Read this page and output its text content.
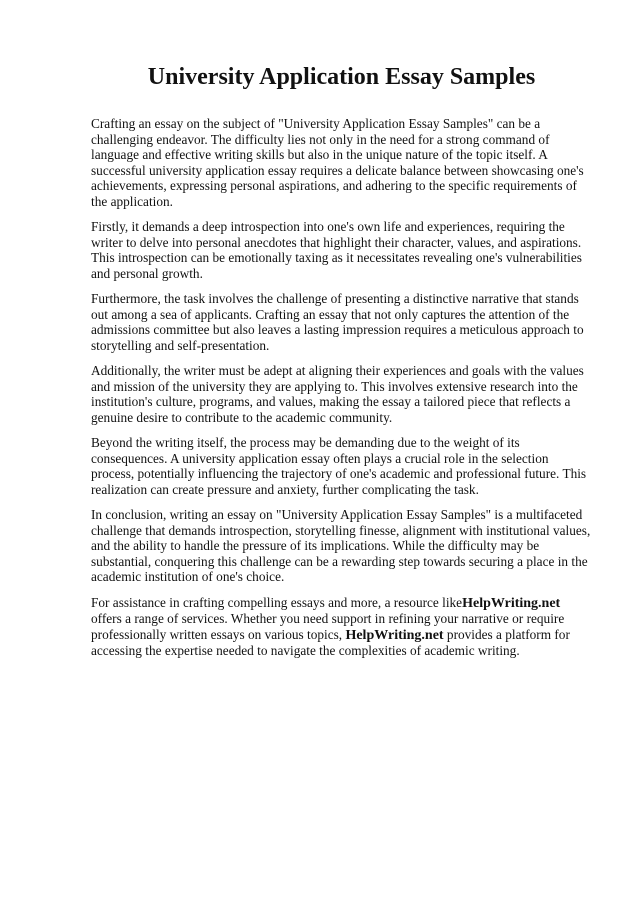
University Application Essay Samples

Crafting an essay on the subject of "University Application Essay Samples" can be a challenging endeavor. The difficulty lies not only in the need for a strong command of language and effective writing skills but also in the unique nature of the topic itself. A successful university application essay requires a delicate balance between showcasing one's achievements, expressing personal aspirations, and adhering to the specific requirements of the application.

Firstly, it demands a deep introspection into one's own life and experiences, requiring the writer to delve into personal anecdotes that highlight their character, values, and aspirations. This introspection can be emotionally taxing as it necessitates revealing one's vulnerabilities and personal growth.

Furthermore, the task involves the challenge of presenting a distinctive narrative that stands out among a sea of applicants. Crafting an essay that not only captures the attention of the admissions committee but also leaves a lasting impression requires a meticulous approach to storytelling and self-presentation.

Additionally, the writer must be adept at aligning their experiences and goals with the values and mission of the university they are applying to. This involves extensive research into the institution's culture, programs, and values, making the essay a tailored piece that reflects a genuine desire to contribute to the academic community.

Beyond the writing itself, the process may be demanding due to the weight of its consequences. A university application essay often plays a crucial role in the selection process, potentially influencing the trajectory of one's academic and professional future. This realization can create pressure and anxiety, further complicating the task.

In conclusion, writing an essay on "University Application Essay Samples" is a multifaceted challenge that demands introspection, storytelling finesse, alignment with institutional values, and the ability to handle the pressure of its implications. While the difficulty may be substantial, conquering this challenge can be a rewarding step towards securing a place in the academic institution of one's choice.

For assistance in crafting compelling essays and more, a resource likeHelpWriting.net offers a range of services. Whether you need support in refining your narrative or require professionally written essays on various topics, HelpWriting.net provides a platform for accessing the expertise needed to navigate the complexities of academic writing.
